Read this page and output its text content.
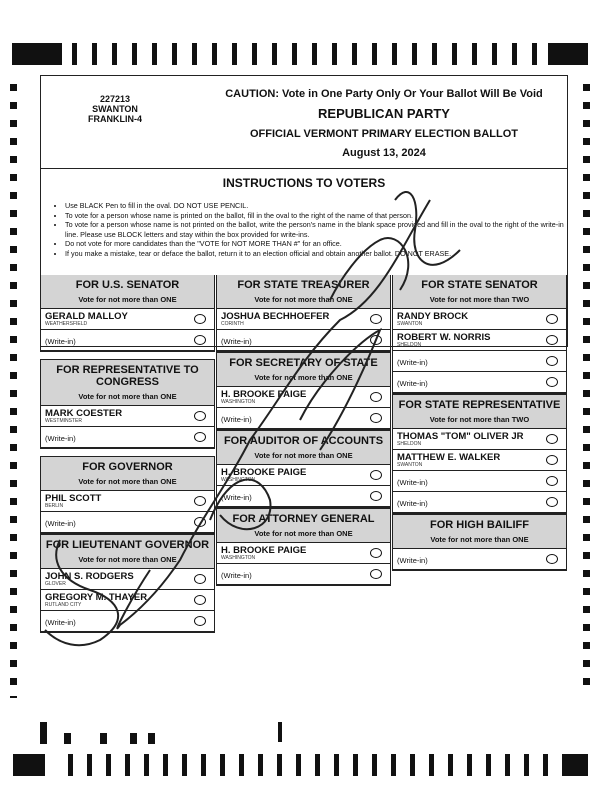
227213
SWANTON
FRANKLIN-4
CAUTION: Vote in One Party Only Or Your Ballot Will Be Void
REPUBLICAN PARTY
OFFICIAL VERMONT PRIMARY ELECTION BALLOT
August 13, 2024
INSTRUCTIONS TO VOTERS
• Use BLACK Pen to fill in the oval. DO NOT USE PENCIL.
• To vote for a person whose name is printed on the ballot, fill in the oval to the right of the name of that person.
• To vote for a person whose name is not printed on the ballot, write the person's name in the blank space provided and fill in the oval to the right of the write-in line. Please use BLOCK letters and stay within the box provided for write-ins.
• Do not vote for more candidates than the "VOTE for NOT MORE THAN #" for an office.
• If you make a mistake, tear or deface the ballot, return it to an election official and obtain another ballot. DO NOT ERASE.
FOR U.S. SENATOR
Vote for not more than ONE
GERALD MALLOY
WEATHERSFIELD
(Write-in)
FOR REPRESENTATIVE TO CONGRESS
Vote for not more than ONE
MARK COESTER
WESTMINSTER
(Write-in)
FOR GOVERNOR
Vote for not more than ONE
PHIL SCOTT
BERLIN
(Write-in)
FOR LIEUTENANT GOVERNOR
Vote for not more than ONE
JOHN S. RODGERS
GLOVER
GREGORY M. THAYER
RUTLAND CITY
(Write-in)
FOR STATE TREASURER
Vote for not more than ONE
JOSHUA BECHHOEFER
CORINTH
(Write-in)
FOR SECRETARY OF STATE
Vote for not more than ONE
H. BROOKE PAIGE
WASHINGTON
(Write-in)
FOR AUDITOR OF ACCOUNTS
Vote for not more than ONE
H. BROOKE PAIGE
WASHINGTON
(Write-in)
FOR ATTORNEY GENERAL
Vote for not more than ONE
H. BROOKE PAIGE
WASHINGTON
(Write-in)
FOR STATE SENATOR
Vote for not more than TWO
RANDY BROCK
SWANTON
ROBERT W. NORRIS
SHELDON
(Write-in)
(Write-in)
FOR STATE REPRESENTATIVE
Vote for not more than TWO
THOMAS "TOM" OLIVER JR
SHELDON
MATTHEW E. WALKER
SWANTON
(Write-in)
(Write-in)
FOR HIGH BAILIFF
Vote for not more than ONE
(Write-in)
